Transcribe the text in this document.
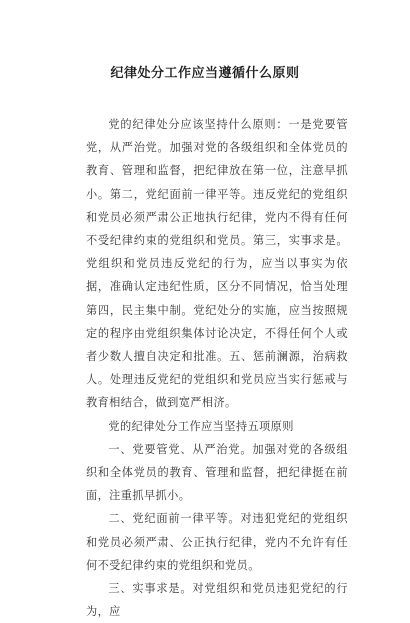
纪律处分工作应当遵循什么原则

党的纪律处分应该坚持什么原则：一是党要管党，从严治党。加强对党的各级组织和全体党员的教育、管理和监督，把纪律放在第一位，注意早抓小。第二，党纪面前一律平等。违反党纪的党组织和党员必须严肃公正地执行纪律，党内不得有任何不受纪律约束的党组织和党员。第三，实事求是。党组织和党员违反党纪的行为，应当以事实为依据，准确认定违纪性质，区分不同情况，恰当处理第四，民主集中制。党纪处分的实施，应当按照规定的程序由党组织集体讨论决定，不得任何个人或者少数人擅自决定和批准。五、惩前澜源，治病救人。处理违反党纪的党组织和党员应当实行惩戒与教育相结合，做到宽严相济。

党的纪律处分工作应当坚持五项原则

一、党要管党、从严治党。加强对党的各级组织和全体党员的教育、管理和监督，把纪律挺在前面，注重抓早抓小。

二、党纪面前一律平等。对违犯党纪的党组织和党员必须严肃、公正执行纪律，党内不允许有任何不受纪律约束的党组织和党员。

三、实事求是。对党组织和党员违犯党纪的行为，应
